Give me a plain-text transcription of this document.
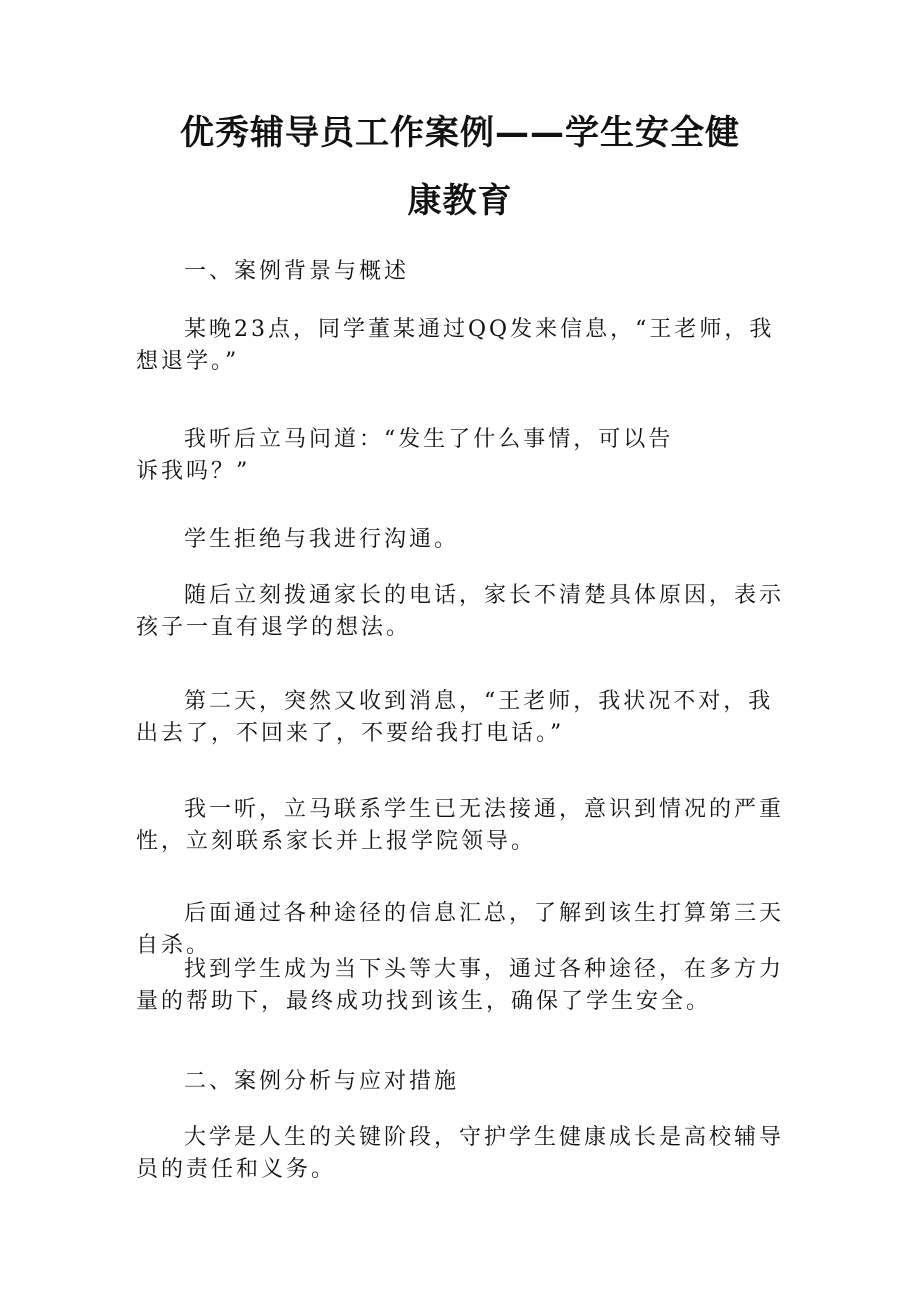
优秀辅导员工作案例——学生安全健
康教育

一、案例背景与概述

某晚23点，同学董某通过QQ发来信息，“王老师，我想退学。”

我听后立马问道：“发生了什么事情，可以告诉我吗？”

学生拒绝与我进行沟通。

随后立刻拨通家长的电话，家长不清楚具体原因，表示孩子一直有退学的想法。

第二天，突然又收到消息，“王老师，我状况不对，我出去了，不回来了，不要给我打电话。”

我一听，立马联系学生已无法接通，意识到情况的严重性，立刻联系家长并上报学院领导。

后面通过各种途径的信息汇总，了解到该生打算第三天自杀。

找到学生成为当下头等大事，通过各种途径，在多方力量的帮助下，最终成功找到该生，确保了学生安全。

二、案例分析与应对措施

大学是人生的关键阶段，守护学生健康成长是高校辅导员的责任和义务。
